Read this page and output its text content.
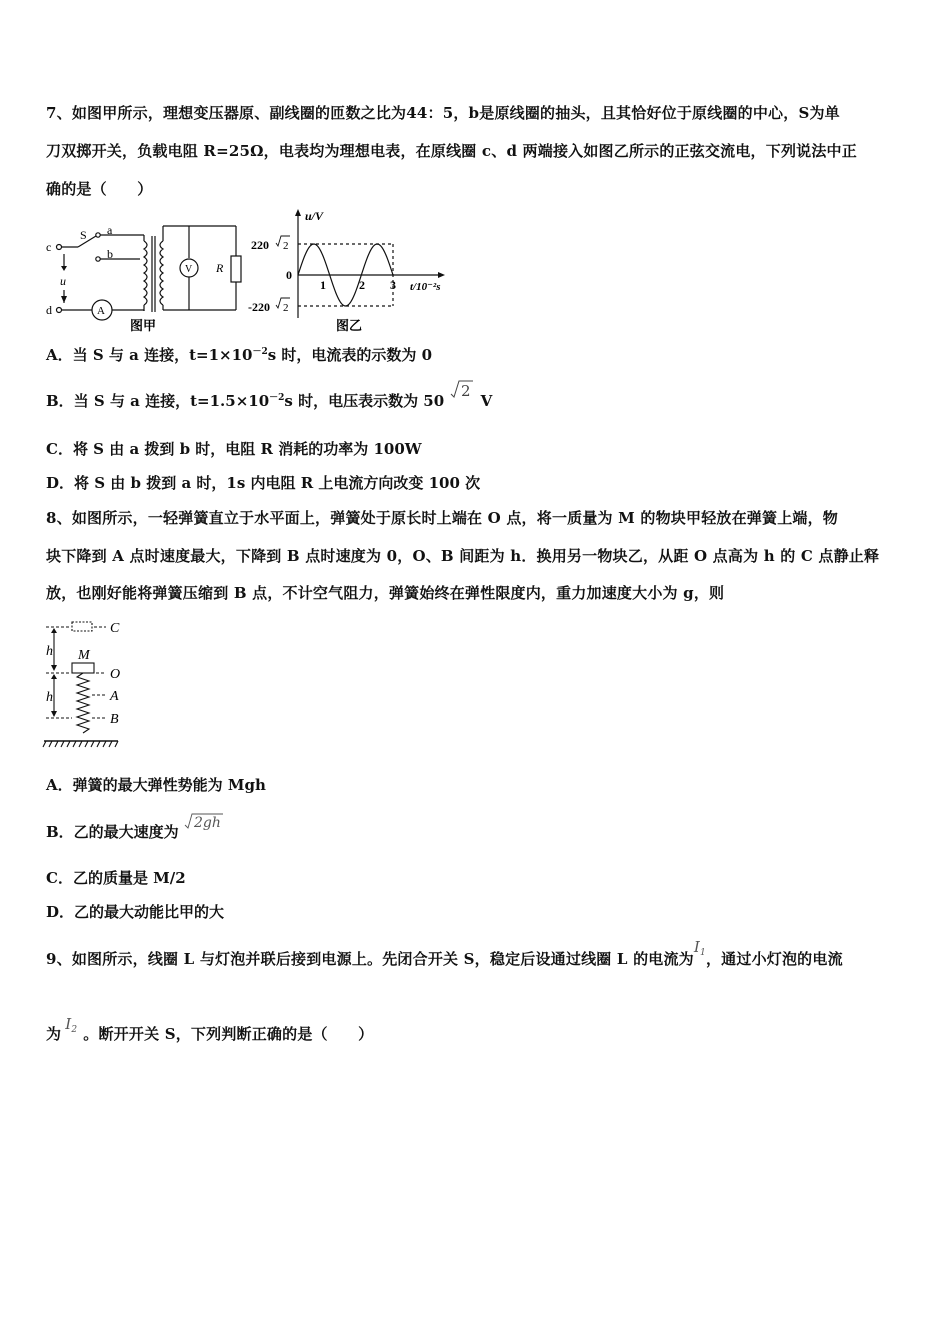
7、如图甲所示，理想变压器原、副线圈的匝数之比为44：5，b是原线圈的抽头，且其恰好位于原线圈的中心，S为单
刀双掷开关，负载电阻 R=25Ω，电表均为理想电表，在原线圈 c、d 两端接入如图乙所示的正弦交流电，下列说法中正
确的是（　　）
c
d
S a
b
u
A
V R
图甲
u/V
220 2
0
-220 2
1	2 3 t/10⁻²s
图乙
A．当 S 与 a 连接，$t=1\times 10^{-2}s$ 时，电流表的示数为 0
B．当 S 与 a 连接，$t=1.5\times 10^{-2}s$ 时，电压表示数为 50
2
V
C．将 S 由 a 拨到 b 时，电阻 R 消耗的功率为 100W
D．将 S 由 b 拨到 a 时，1s 内电阻 R 上电流方向改变 100 次
8、如图所示，一轻弹簧直立于水平面上，弹簧处于原长时上端在 O 点，将一质量为 M 的物块甲轻放在弹簧上端，物
块下降到 A 点时速度最大，下降到 B 点时速度为 0，O、B 间距为 h．换用另一物块乙，从距 O 点高为 h 的 C 点静止释
放，也刚好能将弹簧压缩到 B 点，不计空气阻力，弹簧始终在弹性限度内，重力加速度大小为 g，则
C
M
O
A
B
h
h
A．弹簧的最大弹性势能为 Mgh
B．乙的最大速度为 2gh
C．乙的质量是 M/2
D．乙的最大动能比甲的大
9、如图所示，线圈 L 与灯泡并联后接到电源上。先闭合开关 S，稳定后设通过线圈 L 的电流为$I_1$，通过小灯泡的电流
为$I_2$ 。断开开关 S，下列判断正确的是（　　）
